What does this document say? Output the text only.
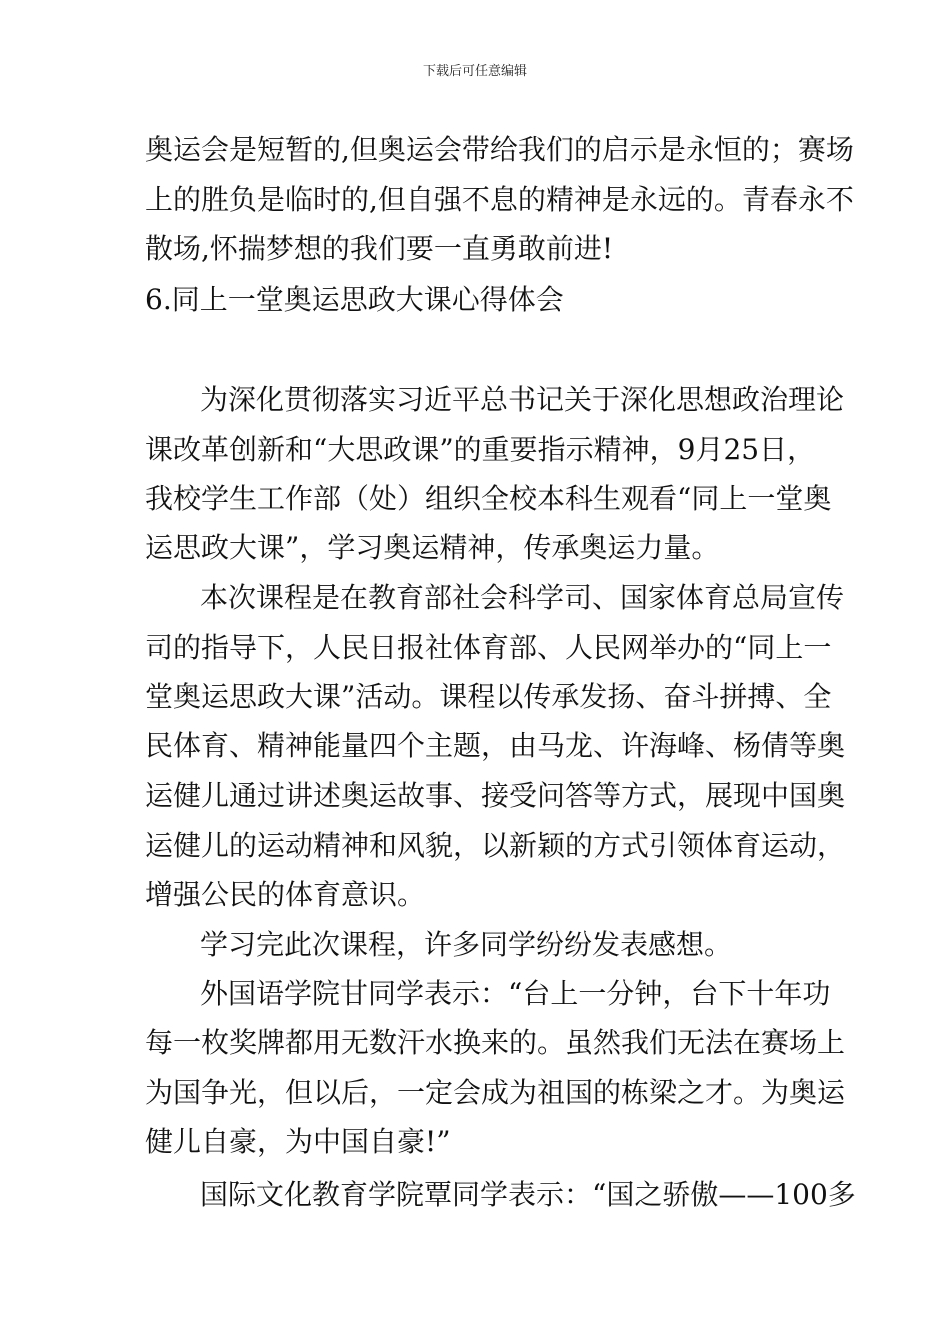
下载后可任意编辑

奥运会是短暂的,但奥运会带给我们的启示是永恒的；赛场

上的胜负是临时的,但自强不息的精神是永远的。青春永不

散场,怀揣梦想的我们要一直勇敢前进!

6.同上一堂奥运思政大课心得体会

为深化贯彻落实习近平总书记关于深化思想政治理论

课改革创新和“大思政课”的重要指示精神，9月25日，

我校学生工作部（处）组织全校本科生观看“同上一堂奥

运思政大课”，学习奥运精神，传承奥运力量。

本次课程是在教育部社会科学司、国家体育总局宣传

司的指导下，人民日报社体育部、人民网举办的“同上一

堂奥运思政大课”活动。课程以传承发扬、奋斗拼搏、全

民体育、精神能量四个主题，由马龙、许海峰、杨倩等奥

运健儿通过讲述奥运故事、接受问答等方式，展现中国奥

运健儿的运动精神和风貌，以新颖的方式引领体育运动，

增强公民的体育意识。

学习完此次课程，许多同学纷纷发表感想。

外国语学院甘同学表示：“台上一分钟，台下十年功

每一枚奖牌都用无数汗水换来的。虽然我们无法在赛场上

为国争光，但以后，一定会成为祖国的栋梁之才。为奥运

健儿自豪，为中国自豪!”

国际文化教育学院覃同学表示：“国之骄傲——100多
